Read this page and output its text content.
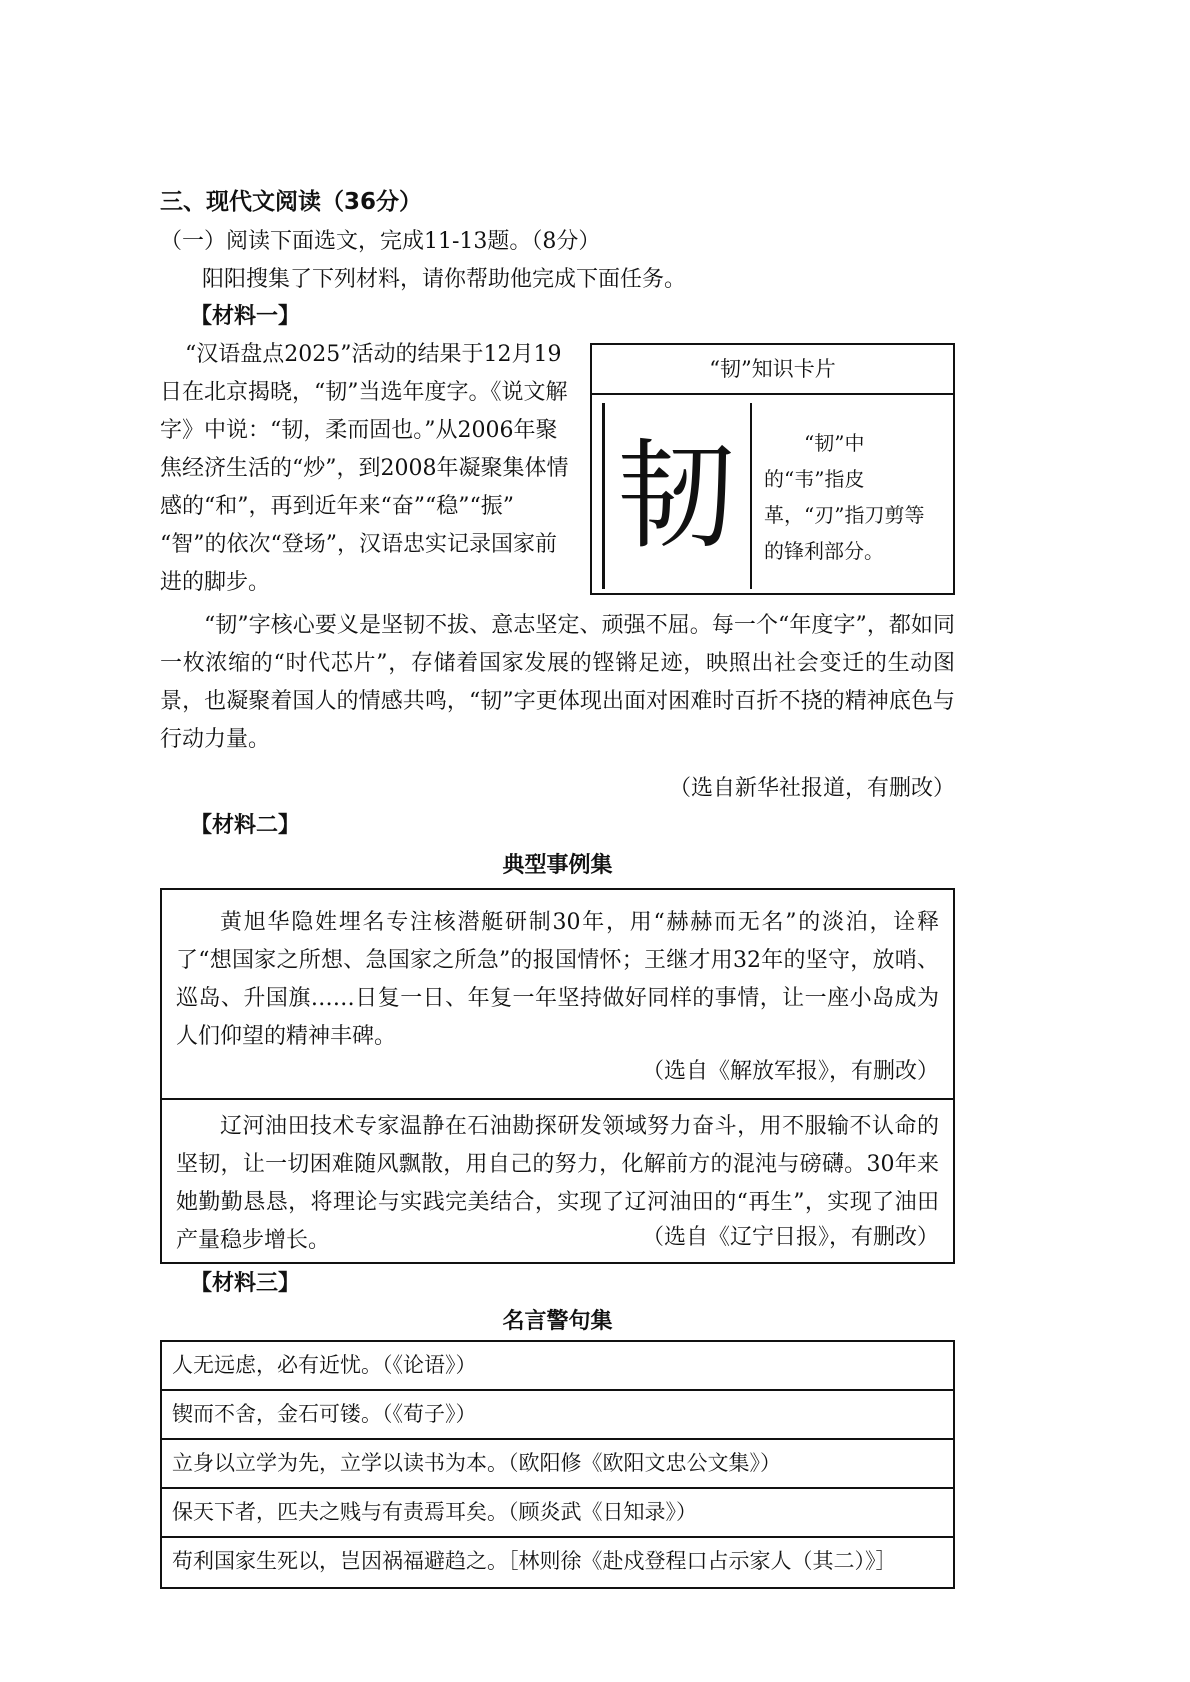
三、现代文阅读（36分）

（一）阅读下面选文，完成11-13题。（8分）

阳阳搜集了下列材料，请你帮助他完成下面任务。

【材料一】

“汉语盘点2025”活动的结果于12月19

日在北京揭晓，“韧”当选年度字。《说文解

字》中说：“韧，柔而固也。”从2006年聚

焦经济生活的“炒”，到2008年凝聚集体情

感的“和”，再到近年来“奋”“稳”“振”

“智”的依次“登场”，汉语忠实记录国家前

进的脚步。

“韧”知识卡片
韧	“韧”中的“韦”指皮革，“刃”指刀剪等的锋利部分。

“韧”字核心要义是坚韧不拔、意志坚定、顽强不屈。每一个“年度字”，都如同一枚浓缩的“时代芯片”，存储着国家发展的铿锵足迹，映照出社会变迁的生动图景，也凝聚着国人的情感共鸣，“韧”字更体现出面对困难时百折不挠的精神底色与行动力量。

（选自新华社报道，有删改）

【材料二】

典型事例集

黄旭华隐姓埋名专注核潜艇研制30年，用“赫赫而无名”的淡泊，诠释了“想国家之所想、急国家之所急”的报国情怀；王继才用32年的坚守，放哨、巡岛、升国旗……日复一日、年复一年坚持做好同样的事情，让一座小岛成为人们仰望的精神丰碑。

（选自《解放军报》，有删改）

辽河油田技术专家温静在石油勘探研发领域努力奋斗，用不服输不认命的坚韧，让一切困难随风飘散，用自己的努力，化解前方的混沌与磅礴。30年来她勤勤恳恳，将理论与实践完美结合，实现了辽河油田的“再生”，实现了油田产量稳步增长。	（选自《辽宁日报》，有删改）

【材料三】

名言警句集

人无远虑，必有近忧。（《论语》）
锲而不舍，金石可镂。（《荀子》）
立身以立学为先，立学以读书为本。（欧阳修《欧阳文忠公文集》）
保天下者，匹夫之贱与有责焉耳矣。（顾炎武《日知录》）
苟利国家生死以，岂因祸福避趋之。［林则徐《赴戍登程口占示家人（其二）》］
